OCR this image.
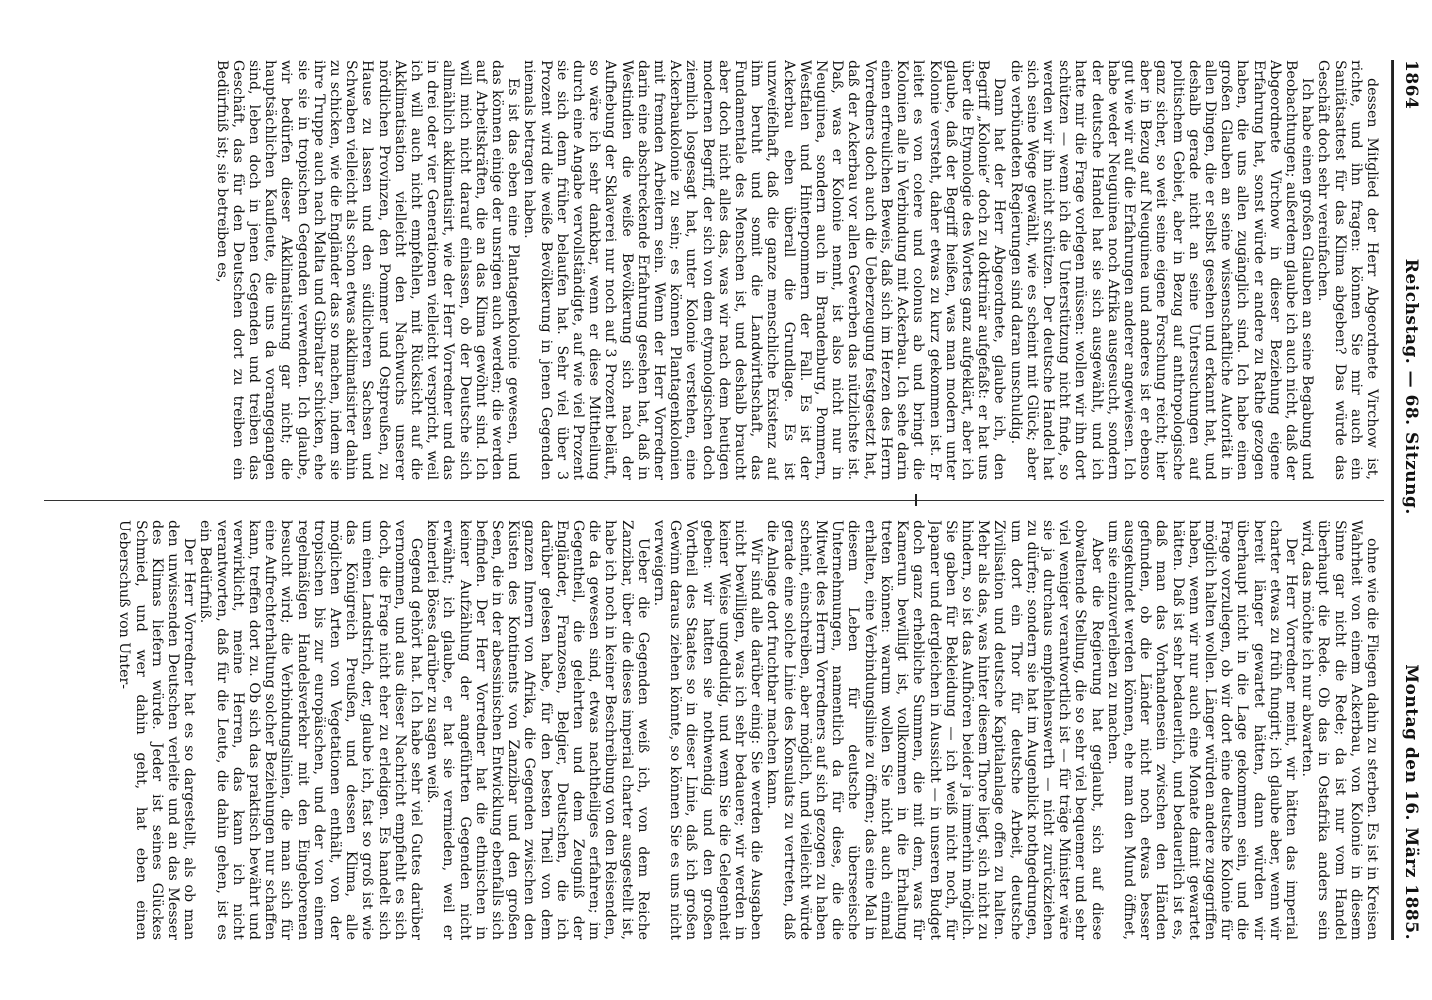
1864
Reichstag. — 68. Sitzung.
Montag den 16. März 1885.

dessen Mitglied der Herr Abgeordnete Virchow ist, richte, und ihn fragen: können Sie mir auch ein Sanitätsattest für das Klima abgeben? Das würde das Geschäft doch sehr vereinfachen.

Ich habe einen großen Glauben an seine Begabung und Beobachtungen; außerdem glaube ich auch nicht, daß der Abgeordnete Virchow in dieser Beziehung eigene Erfahrung hat, sonst würde er andere zu Rathe gezogen haben, die uns allen zugänglich sind. Ich habe einen großen Glauben an seine wissenschaftliche Autorität in allen Dingen, die er selbst gesehen und erkannt hat, und deshalb gerade nicht an seine Untersuchungen auf politischem Gebiet, aber in Bezug auf anthropologische ganz sicher, so weit seine eigene Forschung reicht; hier aber in Bezug auf Neuguinea und anderes ist er ebenso gut wie wir auf die Erfahrungen anderer angewiesen. Ich habe weder Neuguinea noch Afrika ausgesucht, sondern der deutsche Handel hat sie sich ausgewählt, und ich hatte mir die Frage vorlegen müssen: wollen wir ihn dort schützen — wenn ich die Unterstützung nicht finde, so werden wir ihn nicht schützen. Der deutsche Handel hat sich seine Wege gewählt, wie es scheint mit Glück; aber die verbündeten Regierungen sind daran unschuldig.

Dann hat der Herr Abgeordnete, glaube ich, den Begriff „Kolonie“ doch zu doktrinär aufgefaßt: er hat uns über die Etymologie des Wortes ganz aufgeklärt, aber ich glaube, daß der Begriff heißen, was man modern unter Kolonie versteht, daher etwas zu kurz gekommen ist. Er leitet es von colere und colonus ab und bringt die Kolonien alle in Verbindung mit Ackerbau. Ich sehe darin einen erfreulichen Beweis, daß sich im Herzen des Herrn Vorredners doch auch die Ueberzeugung festgesetzt hat, daß der Ackerbau vor allen Gewerben das nützlichste ist. Daß, was er Kolonie nennt, ist also nicht nur in Neuguinea, sondern auch in Brandenburg, Pommern, Westfalen und Hinterpommern der Fall. Es ist der Ackerbau eben überall die Grundlage. Es ist unzweifelhaft, daß die ganze menschliche Existenz auf ihm beruht und somit die Landwirthschaft, das Fundamentale des Menschen ist, und deshalb braucht aber doch nicht alles das, was wir nach dem heutigen modernen Begriff, der sich von dem etymologischen doch ziemlich losgesagt hat, unter Kolonie verstehen, eine Ackerbaukolonie zu sein; es können Plantagenkolonien mit fremden Arbeitern sein. Wenn der Herr Vorredner darin eine abschreckende Erfahrung gesehen hat, daß in Westindien die weiße Bevölkerung sich nach der Aufhebung der Sklaverei nur noch auf 3 Prozent beläuft, so wäre ich sehr dankbar, wenn er diese Mittheilung durch eine Angabe vervollständigte, auf wie viel Prozent sie sich denn früher belaufen hat. Sehr viel über 3 Prozent wird die weiße Bevölkerung in jenen Gegenden niemals betragen haben.

Es ist das eben eine Plantagenkolonie gewesen, und das können einige der unsrigen auch werden; die werden auf Arbeitskräften, die an das Klima gewöhnt sind. Ich will mich nicht darauf einlassen, ob der Deutsche sich allmählich akklimatisirt, wie der Herr Vorredner und das in drei oder vier Generationen vielleicht verspricht, weil ich will auch nicht empfehlen, mit Rücksicht auf die Akklimatisation vielleicht den Nachwuchs unserer nördlichen Provinzen, den Pommer und Ostpreußen, zu Hause zu lassen und den südlicheren Sachsen und Schwaben vielleicht als schon etwas akklimatisirter dahin zu schicken, wie die Engländer das so machen, indem sie ihre Truppe auch nach Malta und Gibraltar schicken, ehe sie sie in tropischen Gegenden verwenden. Ich glaube, wir bedürfen dieser Akklimatisirung gar nicht; die hauptsächlichen Kaufleute, die uns da vorangegangen sind, leben doch in jenen Gegenden und treiben das Geschäft, das für den Deutschen dort zu treiben ein Bedürfniß ist; sie betreiben es,

ohne wie die Fliegen dahin zu sterben. Es ist in Kreisen Wahrheit von einem Ackerbau, von Kolonie in diesem Sinne gar nicht die Rede; da ist nur vom Handel überhaupt die Rede. Ob das in Ostafrika anders sein wird, das möchte ich nur abwarten.

Der Herr Vorredner meint, wir hätten das imperial charter etwas zu früh fungirt; ich glaube aber, wenn wir bereit länger gewartet hätten, dann würden wir überhaupt nicht in die Lage gekommen sein, und die Frage vorzulegen, ob wir dort eine deutsche Kolonie für möglich halten wollen. Länger würden andere zugegriffen haben, wenn wir nur auch eine Monate damit gewartet hätten. Daß ist sehr bedauerlich, und bedauerlich ist es, daß man das Vorhandensein zwischen den Händen gefunden, ob die Länder nicht noch etwas besser ausgekundet werden können, ehe man den Mund öffnet, um sie einzuverleiben zu machen.

Aber die Regierung hat geglaubt, sich auf diese obwaltende Stellung, die so sehr viel bequemer und sehr viel weniger verantwortlich ist — für träge Minister wäre sie ja durchaus empfehlenswerth — nicht zurückziehen zu dürfen; sondern sie hat im Augenblick nothgedrungen, um dort ein Thor für deutsche Arbeit, deutsche Zivilisation und deutsche Kapitalanlage offen zu halten. Mehr als das, was hinter diesem Thore liegt, sich nicht zu hindern, so ist das Aufhören beider ja immerhin möglich. Sie gaben für Bekleidung — ich weiß nicht noch, für Japaner und dergleichen in Aussicht — in unseren Budget doch ganz erhebliche Summen, die mit dem, was für Kamerun bewilligt ist, vollkommen in die Erhaltung treten können: warum wollen Sie nicht auch einmal erhalten, eine Verbindungslinie zu öffnen; das eine Mal in diesem Leben für deutsche überseeische Unternehmungen, namentlich da für diese, die die Mitwelt des Herrn Vorredners auf sich gezogen zu haben scheint, einschreiben, aber möglich, und vielleicht würde gerade eine solche Linie des Konsulats zu vertreten, daß die Anlage dort fruchtbar machen kann.

Wir sind alle darüber einig: Sie werden die Ausgaben nicht bewilligen, was ich sehr bedauere; wir werden in keiner Weise ungeduldig, und wenn Sie die Gelegenheit geben: wir hatten sie nothwendig und den großen Vortheil des Staates so in dieser Linie, daß ich großen Gewinn daraus ziehen könnte, so können Sie es uns nicht verweigern.

Ueber die Gegenden weiß ich, von dem Reiche Zanzibar, über die dieses imperial charter ausgestellt ist, habe ich noch in keiner Beschreibung von den Reisenden, die da gewesen sind, etwas nachtheiliges erfahren; im Gegentheil, die gelehrten und dem Zeugniß der Engländer, Franzosen, Belgier, Deutschen, die ich darüber gelesen habe, für den besten Theil von dem ganzen Innern von Afrika, die Gegenden zwischen den Küsten des Kontinents von Zanzibar und den großen Seen, die in der abessinischen Entwicklung ebenfalls sich befinden. Der Herr Vorredner hat die ethnischen in keiner Aufzählung der angeführten Gegenden nicht erwähnt; ich glaube, er hat sie vermieden, weil er keinerlei Böses darüber zu sagen weiß.

Gegend gehört hat. Ich habe sehr viel Gutes darüber vernommen, und aus dieser Nachricht empfiehlt es sich doch, die Frage nicht eher zu erledigen. Es handelt sich um einen Landstrich, der, glaube ich, fast so groß ist wie das Königreich Preußen, und dessen Klima, alle möglichen Arten von Vegetationen enthält, von der tropischen bis zur europäischen, und der von einem regelmäßigen Handelsverkehr mit den Eingeborenen besucht wird; die Verbindungslinien, die man sich für eine Aufrechterhaltung solcher Beziehungen nur schaffen kann, treffen dort zu. Ob sich das praktisch bewährt und verwirklicht, meine Herren, das kann ich nicht verantworten, daß für die Leute, die dahin gehen, ist es ein Bedürfniß.

Der Herr Vorredner hat es so dargestellt, als ob man den unwissenden Deutschen verleite und an das Messer des Klimas liefern würde. Jeder ist seines Glückes Schmied, und wer dahin geht, hat eben einen Ueberschuß von Unter-
